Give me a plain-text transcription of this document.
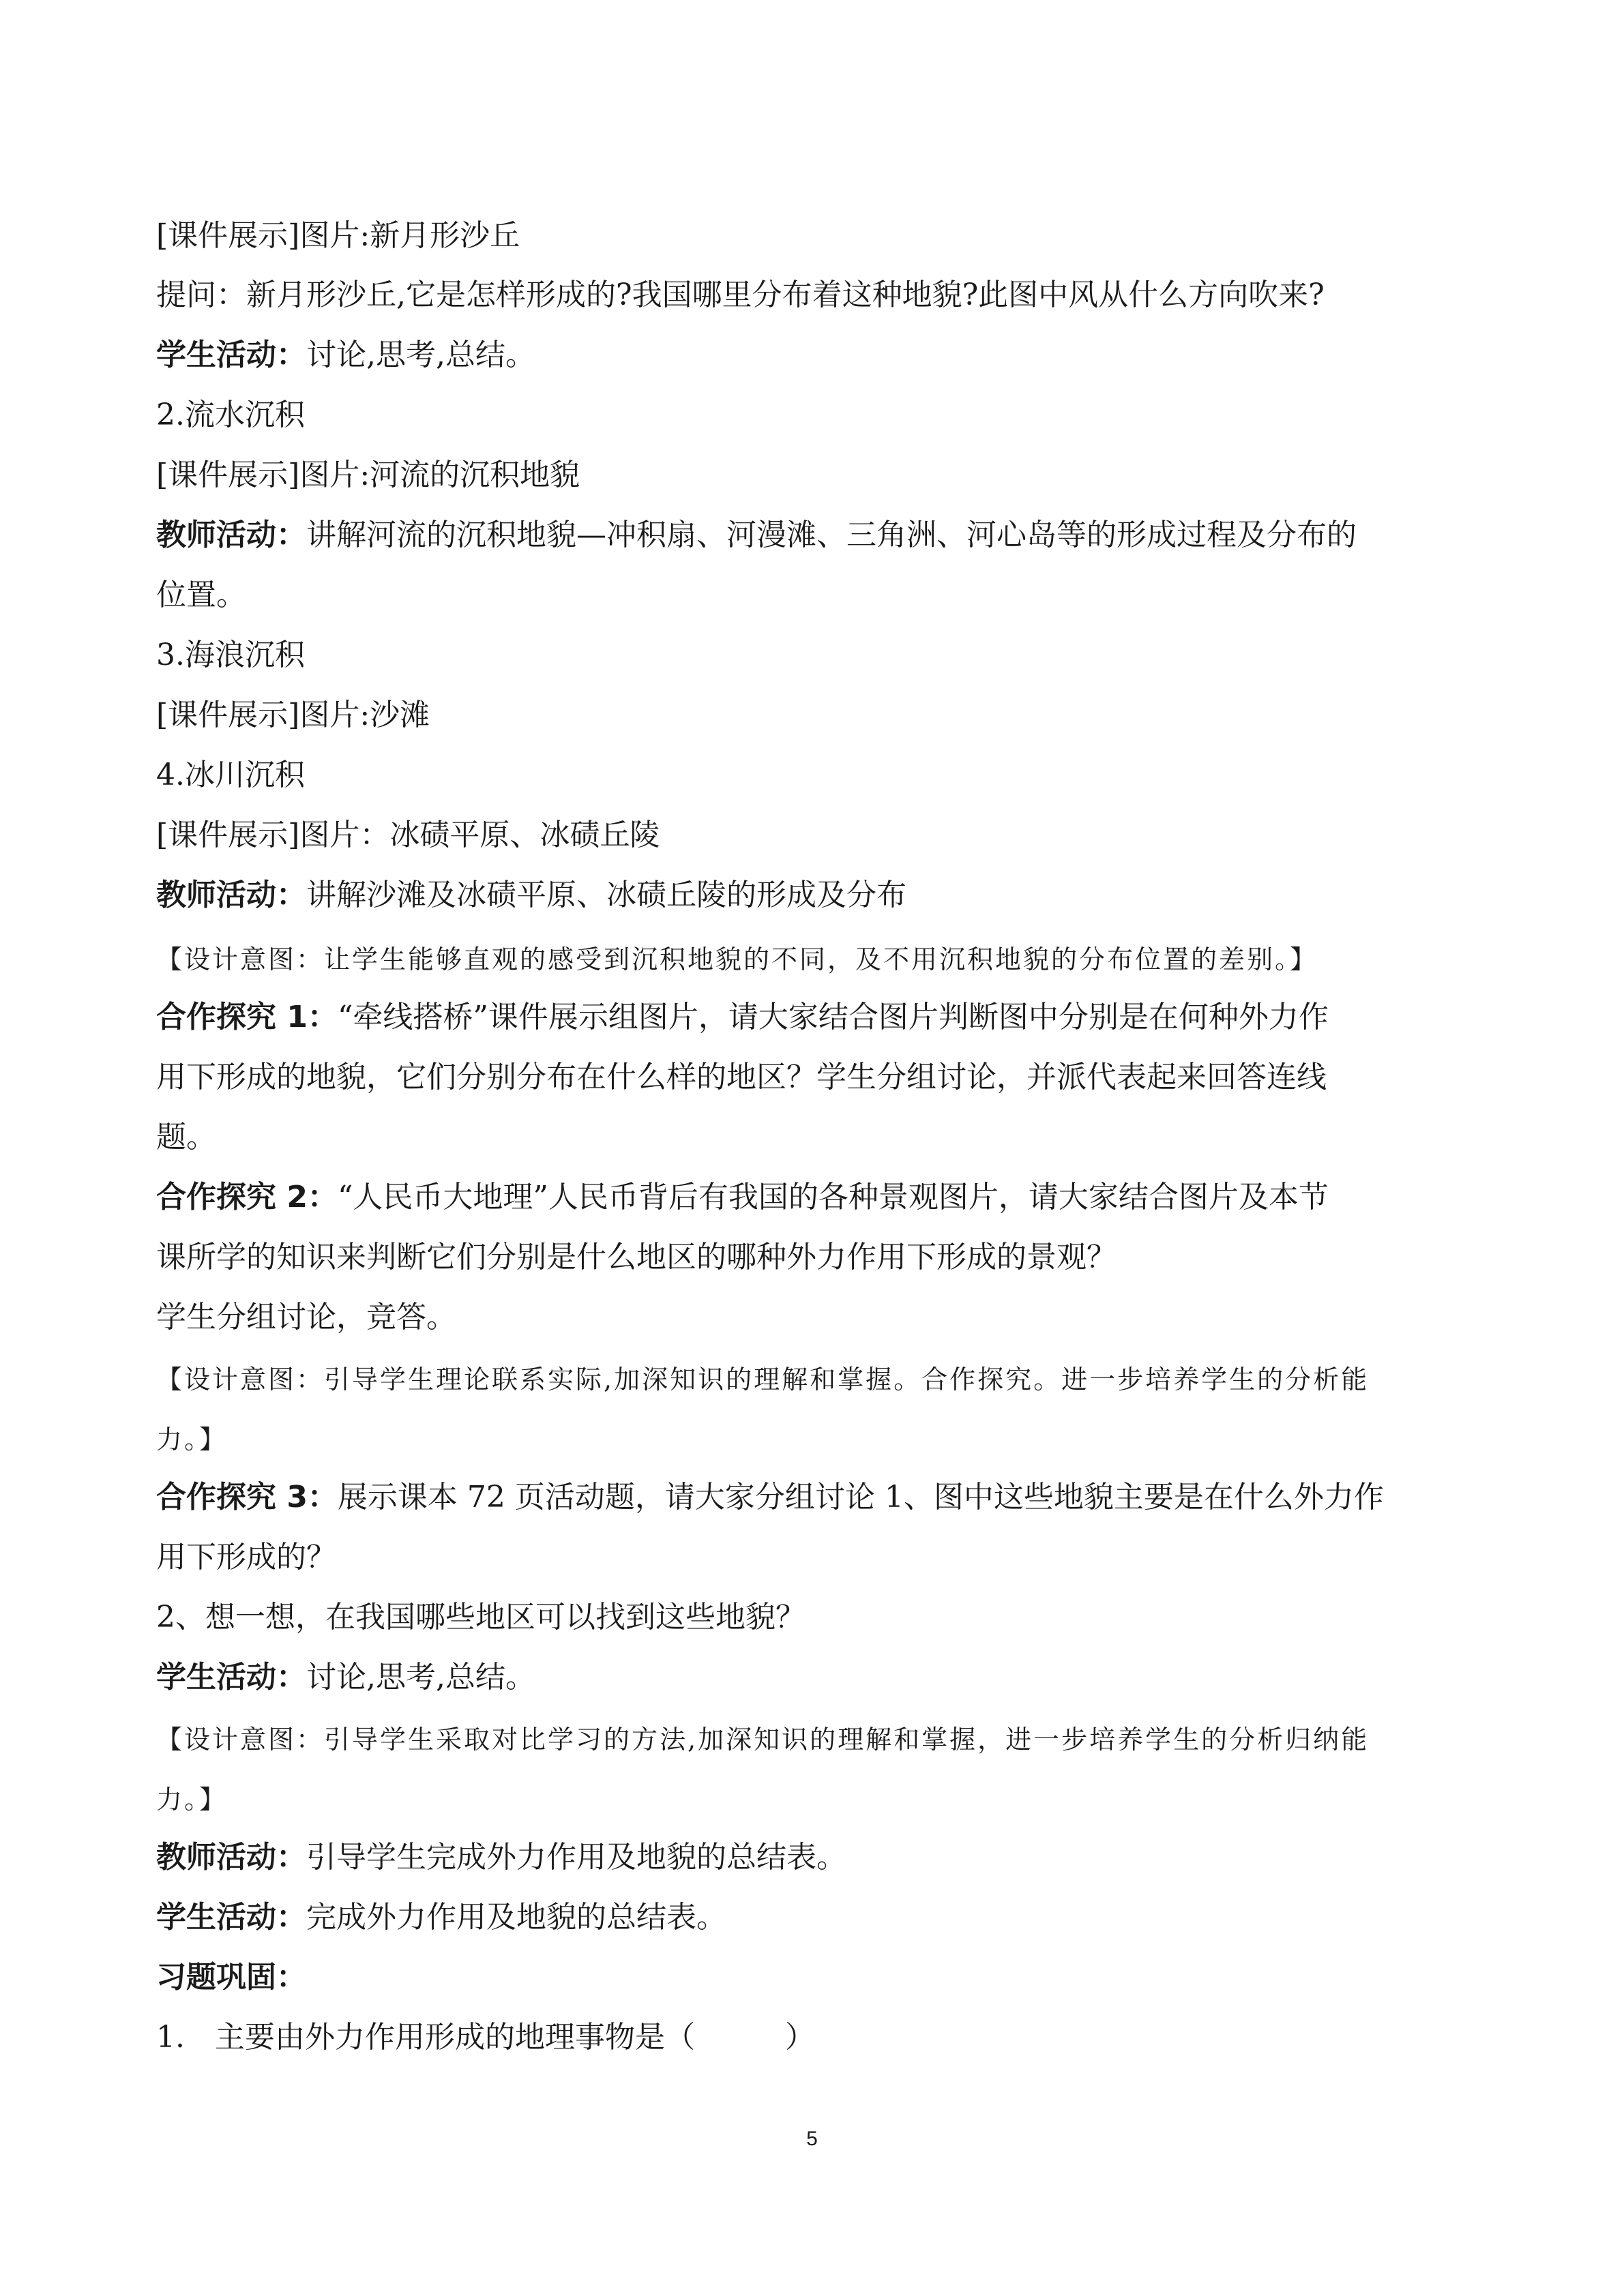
[课件展示]图片:新月形沙丘

提问：新月形沙丘,它是怎样形成的?我国哪里分布着这种地貌?此图中风从什么方向吹来?

学生活动：讨论,思考,总结。

2.流水沉积

[课件展示]图片:河流的沉积地貌

教师活动：讲解河流的沉积地貌—冲积扇、河漫滩、三角洲、河心岛等的形成过程及分布的

位置。

3.海浪沉积

[课件展示]图片:沙滩

4.冰川沉积

[课件展示]图片：冰碛平原、冰碛丘陵

教师活动：讲解沙滩及冰碛平原、冰碛丘陵的形成及分布

【设计意图：让学生能够直观的感受到沉积地貌的不同，及不用沉积地貌的分布位置的差别。】

合作探究 1：“牵线搭桥”课件展示组图片，请大家结合图片判断图中分别是在何种外力作

用下形成的地貌，它们分别分布在什么样的地区？学生分组讨论，并派代表起来回答连线

题。

合作探究 2：“人民币大地理”人民币背后有我国的各种景观图片，请大家结合图片及本节

课所学的知识来判断它们分别是什么地区的哪种外力作用下形成的景观？

学生分组讨论，竞答。

【设计意图：引导学生理论联系实际,加深知识的理解和掌握。合作探究。进一步培养学生的分析能

力。】

合作探究 3：展示课本 72 页活动题，请大家分组讨论 1、图中这些地貌主要是在什么外力作

用下形成的？

2、想一想，在我国哪些地区可以找到这些地貌？

学生活动：讨论,思考,总结。

【设计意图：引导学生采取对比学习的方法,加深知识的理解和掌握，进一步培养学生的分析归纳能

力。】

教师活动：引导学生完成外力作用及地貌的总结表。

学生活动：完成外力作用及地貌的总结表。

习题巩固：

1.　主要由外力作用形成的地理事物是（　　　）

5
